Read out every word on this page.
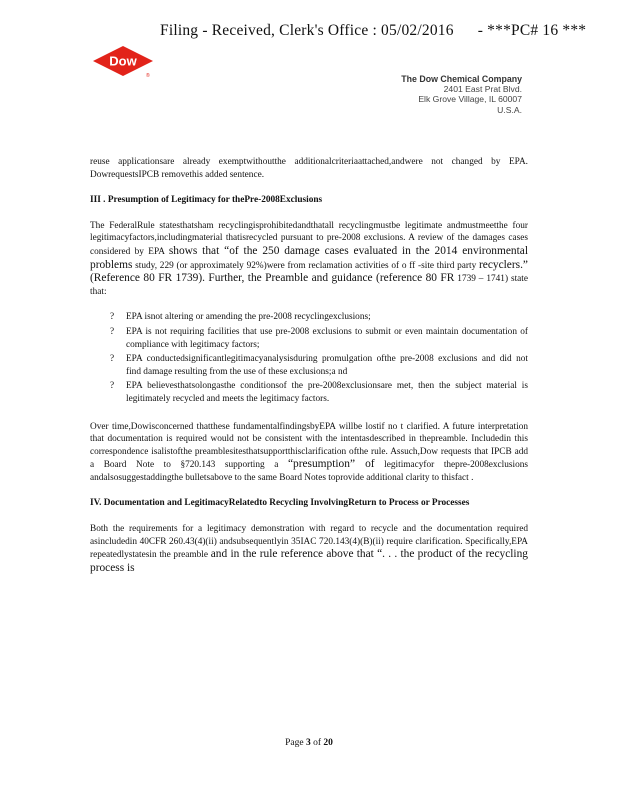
Filing - Received, Clerk's Office : 05/02/2016 - ***PC# 16 ***
Dow
®	The Dow Chemical Company
2401 East Prat Blvd.
Elk Grove Village, IL 60007
U.S.A.

reuse applicationsare already exemptwithoutthe additionalcriteriaattached,andwere not changed by EPA. DowrequestsIPCB removethis added sentence.

III . Presumption of Legitimacy for thePre-2008Exclusions

The FederalRule statesthatsham recyclingisprohibitedandthatall recyclingmustbe legitimate andmustmeetthe four legitimacyfactors,includingmaterial thatisrecycled pursuant to pre-2008 exclusions. A review of the damages cases considered by EPA shows that “of the 250 damage cases evaluated in the 2014 environmental problems study, 229 (or approximately 92%)were from reclamation activities of o ff -site third party recyclers.” (Reference 80 FR 1739). Further, the Preamble and guidance (reference 80 FR 1739 – 1741) state that:

? EPA isnot altering or amending the pre-2008 recyclingexclusions;
? EPA is not requiring facilities that use pre-2008 exclusions to submit or even maintain documentation of compliance with legitimacy factors;
? EPA conductedsignificantlegitimacyanalysisduring promulgation ofthe pre-2008 exclusions and did not find damage resulting from the use of these exclusions;a nd
? EPA believesthatsolongasthe conditionsof the pre-2008exclusionsare met, then the subject material is legitimately recycled and meets the legitimacy factors.

Over time,Dowisconcerned thatthese fundamentalfindingsbyEPA willbe lostif no t clarified. A future interpretation that documentation is required would not be consistent with the intentasdescribed in thepreamble. Includedin this correspondence isalistofthe preamblesitesthatsupportthisclarification ofthe rule. Assuch,Dow requests that IPCB add a Board Note to §720.143 supporting a “presumption” of legitimacyfor thepre-2008exclusions andalsosuggestaddingthe bulletsabove to the same Board Notes toprovide additional clarity to thisfact .

IV. Documentation and LegitimacyRelatedto Recycling InvolvingReturn to Process or Processes

Both the requirements for a legitimacy demonstration with regard to recycle and the documentation required asincludedin 40CFR 260.43(4)(ii) andsubsequentlyin 35IAC 720.143(4)(B)(ii) require clarification. Specifically,EPA repeatedlystatesin the preamble and in the rule reference above that “. . . the product of the recycling process is

Page 3 of 20
